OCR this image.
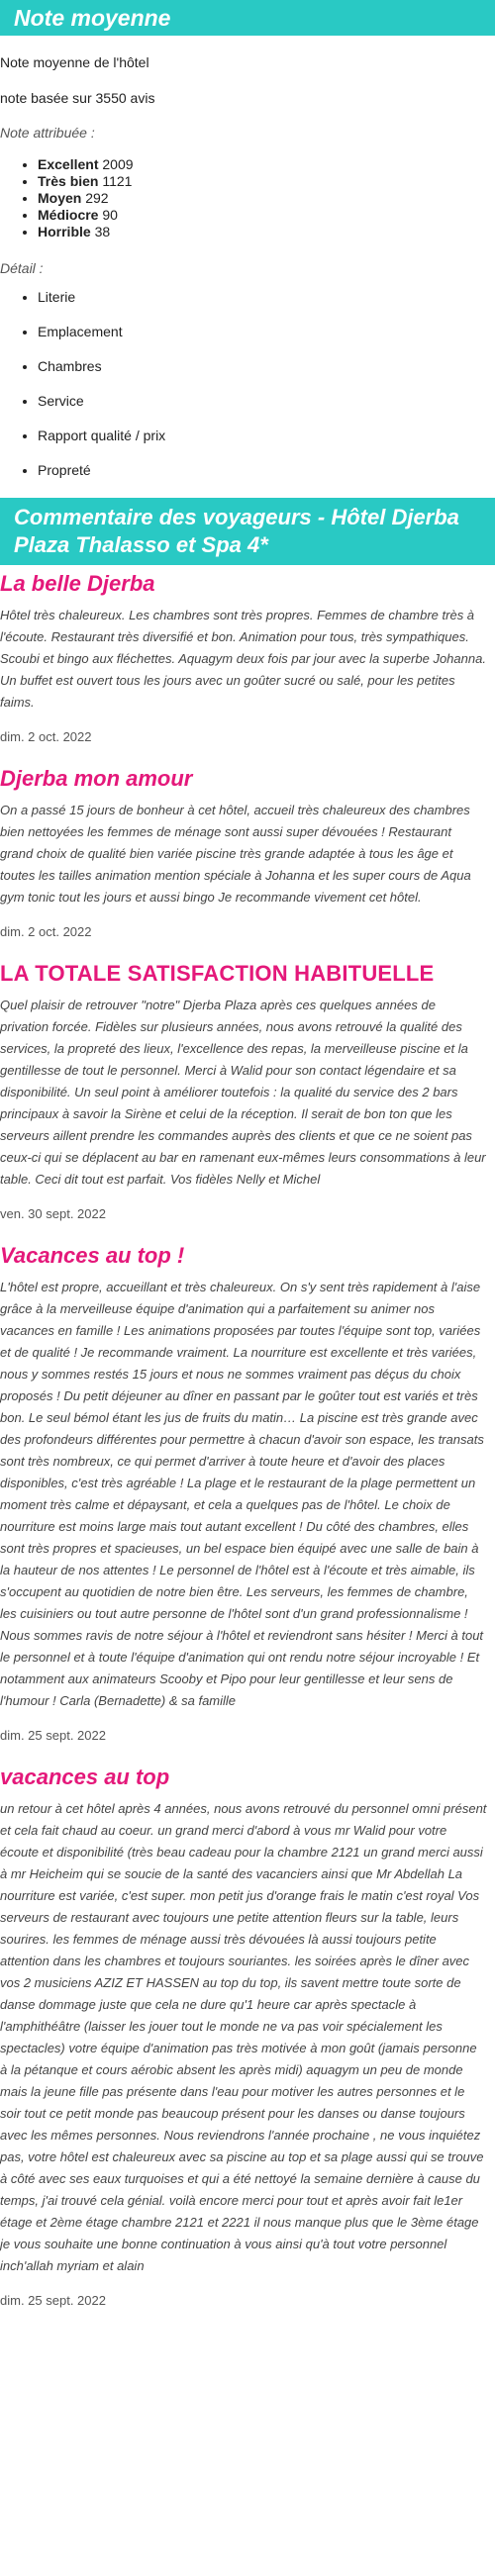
Note moyenne

Note moyenne de l'hôtel

note basée sur 3550 avis

Note attribuée :

• Excellent 2009
• Très bien 1121
• Moyen 292
• Médiocre 90
• Horrible 38

Détail :

• Literie
• Emplacement
• Chambres
• Service
• Rapport qualité / prix
• Propreté
Commentaire des voyageurs - Hôtel Djerba Plaza Thalasso et Spa 4*

La belle Djerba

Hôtel très chaleureux. Les chambres sont très propres. Femmes de chambre très à l'écoute. Restaurant très diversifié et bon. Animation pour tous, très sympathiques. Scoubi et bingo aux fléchettes. Aquagym deux fois par jour avec la superbe Johanna. Un buffet est ouvert tous les jours avec un goûter sucré ou salé, pour les petites faims.

dim. 2 oct. 2022

Djerba mon amour

On a passé 15 jours de bonheur à cet hôtel, accueil très chaleureux des chambres bien nettoyées les femmes de ménage sont aussi super dévouées ! Restaurant grand choix de qualité bien variée piscine très grande adaptée à tous les âge et toutes les tailles animation mention spéciale à Johanna et les super cours de Aqua gym tonic tout les jours et aussi bingo Je recommande vivement cet hôtel.

dim. 2 oct. 2022

LA TOTALE SATISFACTION HABITUELLE

Quel plaisir de retrouver "notre" Djerba Plaza après ces quelques années de privation forcée. Fidèles sur plusieurs années, nous avons retrouvé la qualité des services, la propreté des lieux, l'excellence des repas, la merveilleuse piscine et la gentillesse de tout le personnel. Merci à Walid pour son contact légendaire et sa disponibilité. Un seul point à améliorer toutefois : la qualité du service des 2 bars principaux à savoir la Sirène et celui de la réception. Il serait de bon ton que les serveurs aillent prendre les commandes auprès des clients et que ce ne soient pas ceux-ci qui se déplacent au bar en ramenant eux-mêmes leurs consommations à leur table. Ceci dit tout est parfait. Vos fidèles Nelly et Michel

ven. 30 sept. 2022

Vacances au top !

L'hôtel est propre, accueillant et très chaleureux. On s'y sent très rapidement à l'aise grâce à la merveilleuse équipe d'animation qui a parfaitement su animer nos vacances en famille ! Les animations proposées par toutes l'équipe sont top, variées et de qualité ! Je recommande vraiment. La nourriture est excellente et très variées, nous y sommes restés 15 jours et nous ne sommes vraiment pas déçus du choix proposés ! Du petit déjeuner au dîner en passant par le goûter tout est variés et très bon. Le seul bémol étant les jus de fruits du matin… La piscine est très grande avec des profondeurs différentes pour permettre à chacun d'avoir son espace, les transats sont très nombreux, ce qui permet d'arriver à toute heure et d'avoir des places disponibles, c'est très agréable ! La plage et le restaurant de la plage permettent un moment très calme et dépaysant, et cela a quelques pas de l'hôtel. Le choix de nourriture est moins large mais tout autant excellent ! Du côté des chambres, elles sont très propres et spacieuses, un bel espace bien équipé avec une salle de bain à la hauteur de nos attentes ! Le personnel de l'hôtel est à l'écoute et très aimable, ils s'occupent au quotidien de notre bien être. Les serveurs, les femmes de chambre, les cuisiniers ou tout autre personne de l'hôtel sont d'un grand professionnalisme ! Nous sommes ravis de notre séjour à l'hôtel et reviendront sans hésiter ! Merci à tout le personnel et à toute l'équipe d'animation qui ont rendu notre séjour incroyable ! Et notamment aux animateurs Scooby et Pipo pour leur gentillesse et leur sens de l'humour ! Carla (Bernadette) & sa famille

dim. 25 sept. 2022

vacances au top

un retour à cet hôtel après 4 années, nous avons retrouvé du personnel omni présent et cela fait chaud au coeur. un grand merci d'abord à vous mr Walid pour votre écoute et disponibilité (très beau cadeau pour la chambre 2121 un grand merci aussi à mr Heicheim qui se soucie de la santé des vacanciers ainsi que Mr Abdellah La nourriture est variée, c'est super. mon petit jus d'orange frais le matin c'est royal Vos serveurs de restaurant avec toujours une petite attention fleurs sur la table, leurs sourires. les femmes de ménage aussi très dévouées là aussi toujours petite attention dans les chambres et toujours souriantes. les soirées après le dîner avec vos 2 musiciens AZIZ ET HASSEN au top du top, ils savent mettre toute sorte de danse dommage juste que cela ne dure qu'1 heure car après spectacle à l'amphithéâtre (laisser les jouer tout le monde ne va pas voir spécialement les spectacles) votre équipe d'animation pas très motivée à mon goût (jamais personne à la pétanque et cours aérobic absent les après midi) aquagym un peu de monde mais la jeune fille pas présente dans l'eau pour motiver les autres personnes et le soir tout ce petit monde pas beaucoup présent pour les danses ou danse toujours avec les mêmes personnes. Nous reviendrons l'année prochaine , ne vous inquiétez pas, votre hôtel est chaleureux avec sa piscine au top et sa plage aussi qui se trouve à côté avec ses eaux turquoises et qui a été nettoyé la semaine dernière à cause du temps, j'ai trouvé cela génial. voilà encore merci pour tout et après avoir fait le1er étage et 2ème étage chambre 2121 et 2221 il nous manque plus que le 3ème étage je vous souhaite une bonne continuation à vous ainsi qu'à tout votre personnel inch'allah myriam et alain

dim. 25 sept. 2022
